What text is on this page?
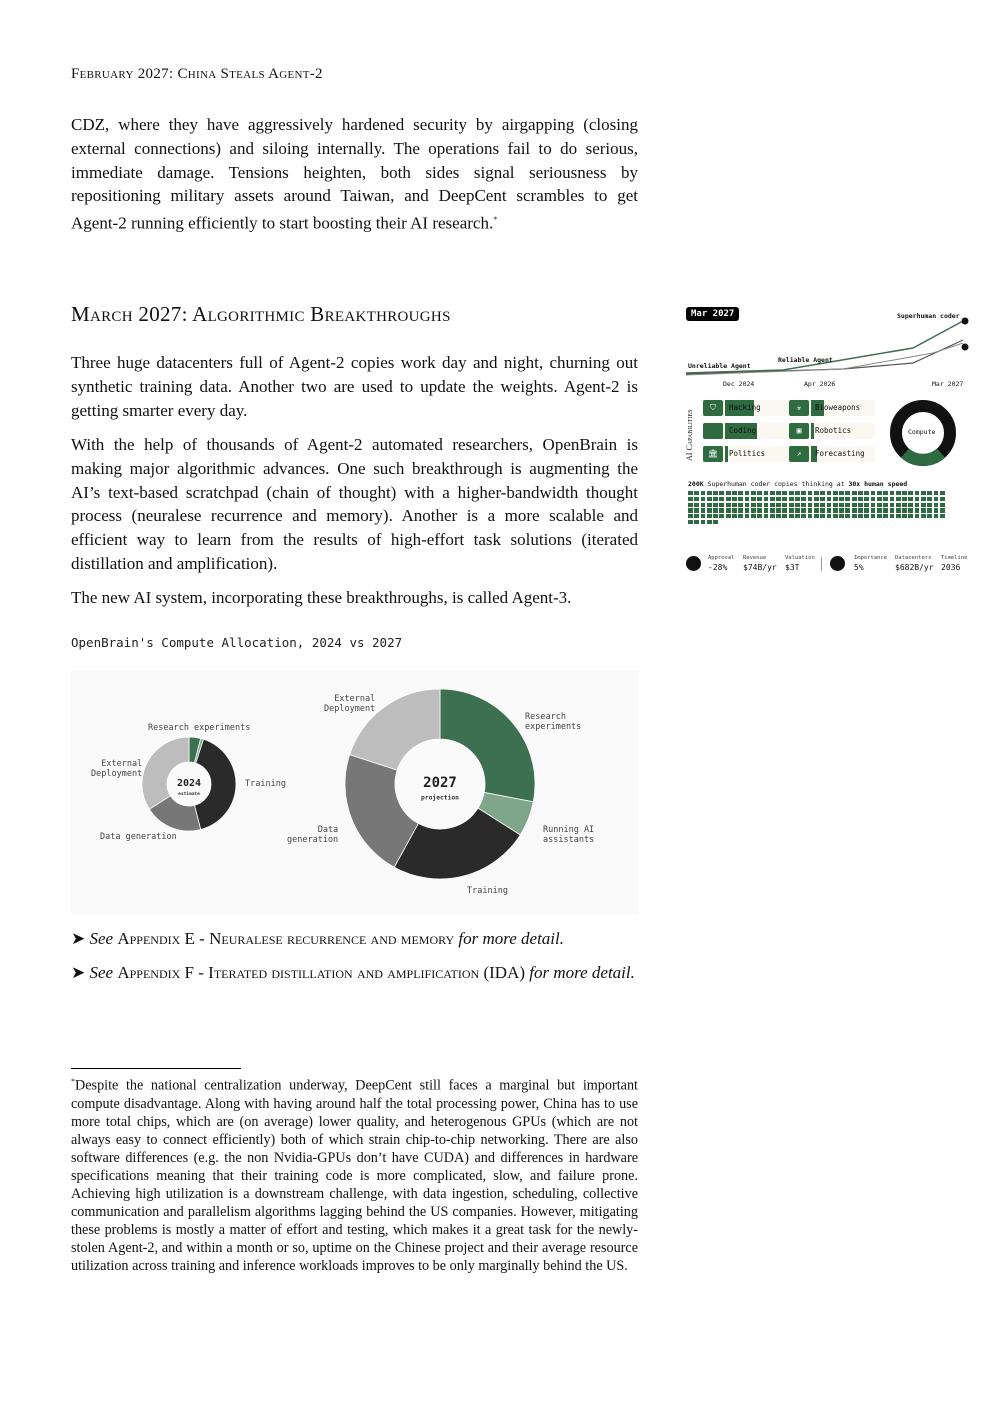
February 2027: China Steals Agent-2

CDZ, where they have aggressively hardened security by airgapping (closing external connections) and siloing internally. The operations fail to do serious, immediate damage. Tensions heighten, both sides signal seriousness by repositioning military assets around Taiwan, and DeepCent scrambles to get Agent-2 running efficiently to start boosting their AI research.*

March 2027: Algorithmic Breakthroughs

Three huge datacenters full of Agent-2 copies work day and night, churning out synthetic training data. Another two are used to update the weights. Agent-2 is getting smarter every day.

With the help of thousands of Agent-2 automated researchers, OpenBrain is making major algorithmic advances. One such breakthrough is augmenting the AI’s text-based scratchpad (chain of thought) with a higher-bandwidth thought process (neuralese recurrence and memory). Another is a more scalable and efficient way to learn from the results of high-effort task solutions (iterated distillation and amplification).

The new AI system, incorporating these breakthroughs, is called Agent-3.

OpenBrain's Compute Allocation, 2024 vs 2027
2024
estimate
2027
projection
Research experiments
External
Deployment
Training
Data generation
External
Deployment
Research
experiments
Running AI
assistants
Training
Data
generation
➤ See Appendix E - Neuralese recurrence and memory for more detail.
➤ See Appendix F - Iterated distillation and amplification (IDA) for more detail.

*Despite the national centralization underway, DeepCent still faces a marginal but important compute disadvantage. Along with having around half the total processing power, China has to use more total chips, which are (on average) lower quality, and heterogenous GPUs (which are not always easy to connect efficiently) both of which strain chip-to-chip networking. There are also software differences (e.g. the non Nvidia-GPUs don’t have CUDA) and differences in hardware specifications meaning that their training code is more complicated, slow, and failure prone. Achieving high utilization is a downstream challenge, with data ingestion, scheduling, collective communication and parallelism algorithms lagging behind the US companies. However, mitigating these problems is mostly a matter of effort and testing, which makes it a great task for the newly-stolen Agent-2, and within a month or so, uptime on the Chinese project and their average resource utilization across training and inference workloads improves to be only marginally behind the US.

Mar 2027
Unreliable Agent
Reliable Agent
Superhuman coder
Dec 2024	Apr 2026	Mar 2027
AI Capabilities
⛉	Hacking	☣	Bioweapons
Coding	▣	Robotics
🏛	Politics	↗	Forecasting
Compute
200K Superhuman coder copies thinking at 30x human speed
Approval
-28%
Revenue
$74B/yr
Valuation
$3T
Importance
5%
Datacenters
$682B/yr
Timeline
2036
